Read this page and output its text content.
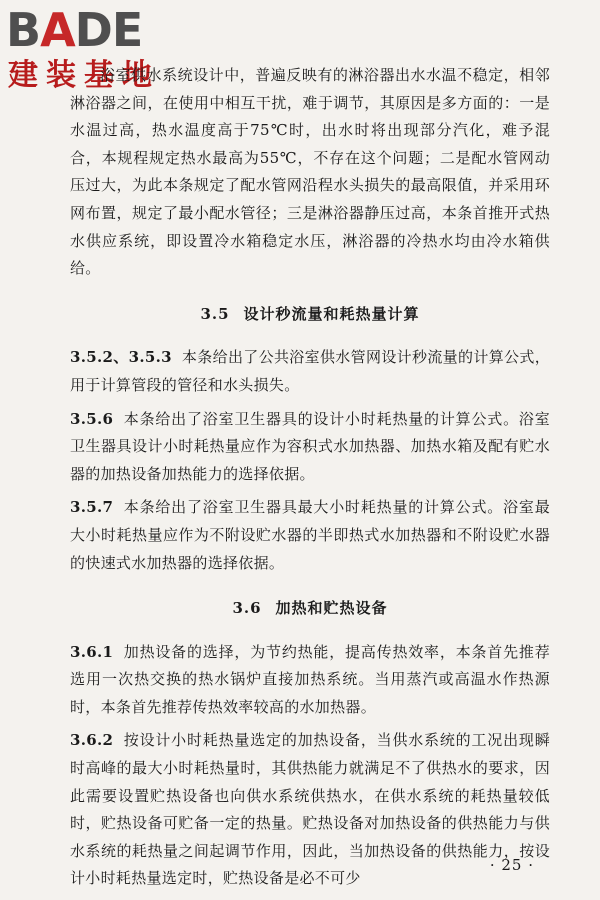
BADE
建装基地

浴室供水系统设计中，普遍反映有的淋浴器出水水温不稳定，相邻淋浴器之间，在使用中相互干扰，难于调节，其原因是多方面的：一是水温过高，热水温度高于75℃时，出水时将出现部分汽化，难予混合，本规程规定热水最高为55℃，不存在这个问题；二是配水管网动压过大，为此本条规定了配水管网沿程水头损失的最高限值，并采用环网布置，规定了最小配水管径；三是淋浴器静压过高，本条首推开式热水供应系统，即设置冷水箱稳定水压，淋浴器的冷热水均由冷水箱供给。

3.5 设计秒流量和耗热量计算

3.5.2、3.5.3 本条给出了公共浴室供水管网设计秒流量的计算公式，用于计算管段的管径和水头损失。

3.5.6 本条给出了浴室卫生器具的设计小时耗热量的计算公式。浴室卫生器具设计小时耗热量应作为容积式水加热器、加热水箱及配有贮水器的加热设备加热能力的选择依据。

3.5.7 本条给出了浴室卫生器具最大小时耗热量的计算公式。浴室最大小时耗热量应作为不附设贮水器的半即热式水加热器和不附设贮水器的快速式水加热器的选择依据。

3.6 加热和贮热设备

3.6.1 加热设备的选择，为节约热能，提高传热效率，本条首先推荐选用一次热交换的热水锅炉直接加热系统。当用蒸汽或高温水作热源时，本条首先推荐传热效率较高的水加热器。

3.6.2 按设计小时耗热量选定的加热设备，当供水系统的工况出现瞬时高峰的最大小时耗热量时，其供热能力就满足不了供热水的要求，因此需要设置贮热设备也向供水系统供热水，在供水系统的耗热量较低时，贮热设备可贮备一定的热量。贮热设备对加热设备的供热能力与供水系统的耗热量之间起调节作用，因此，当加热设备的供热能力，按设计小时耗热量选定时，贮热设备是必不可少

· 25 ·
